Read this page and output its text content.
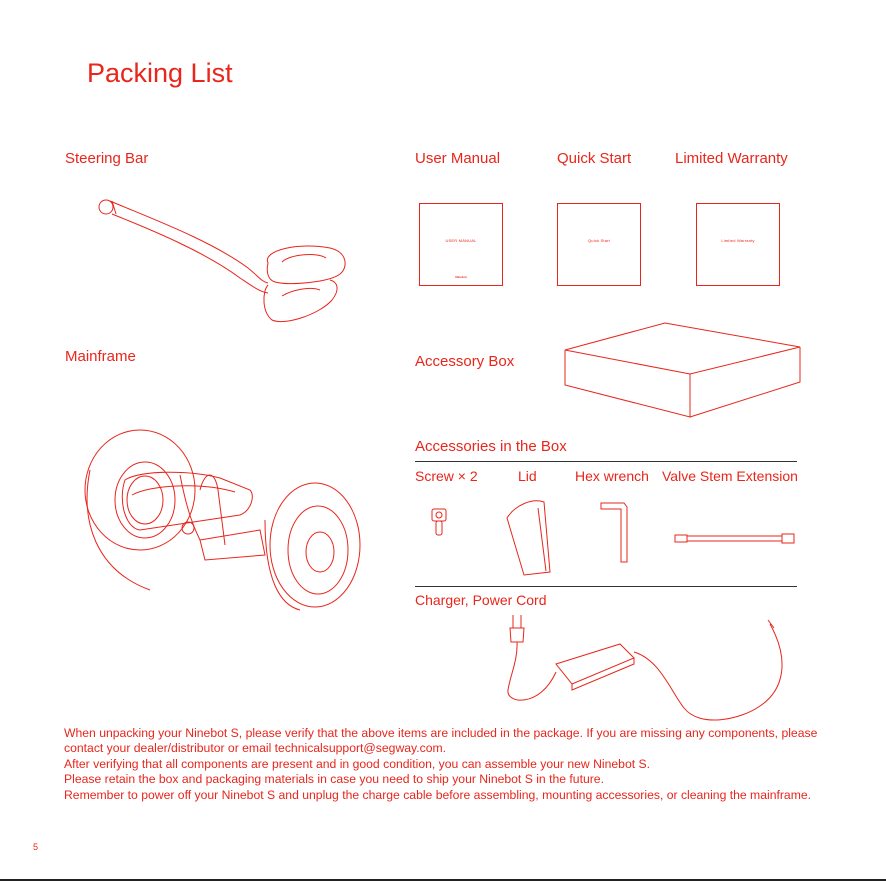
Packing List
Steering Bar
Mainframe
User Manual	Quick Start	Limited Warranty
Accessory Box
Accessories in the Box
Screw × 2	Lid	Hex wrench Valve Stem Extension
Charger, Power Cord
USER MANUAL
Ninebot
Quick Start	Limited Warranty

When unpacking your Ninebot S, please verify that the above items are included in the package. If you are missing any components, please contact your dealer/distributor or email technicalsupport@segway.com.

After verifying that all components are present and in good condition, you can assemble your new Ninebot S.

Please retain the box and packaging materials in case you need to ship your Ninebot S in the future.

Remember to power off your Ninebot S and unplug the charge cable before assembling, mounting accessories, or cleaning the mainframe.

5
